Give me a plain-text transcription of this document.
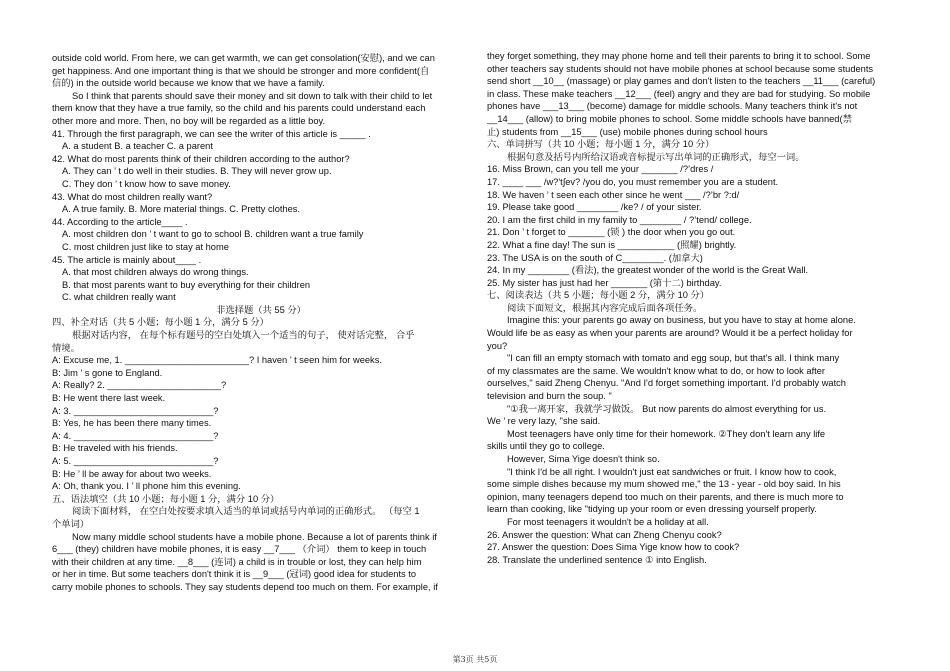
outside cold world. From here, we can get warmth, we can get consolation(安慰), and we can
get happiness. And one important thing is that we should be stronger and more confident(自
信的) in the outside world because we know that we have a family.
So I think that parents should save their money and sit down to talk with their child to let
them know that they have a true family, so the child and his parents could understand each
other more and more. Then, no boy will be regarded as a little boy.
41. Through the first paragraph, we can see the writer of this article is _____ .
A. a student B. a teacher C. a parent
42. What do most parents think of their children according to the author?
A. They can ’ t do well in their studies. B. They will never grow up.
C. They don ’ t know how to save money.
43. What do most children really want?
A. A true family. B. More material things. C. Pretty clothes.
44. According to the article____ .
A. most children don ’ t want to go to school B. children want a true family
C. most children just like to stay at home
45. The article is mainly about____ .
A. that most children always do wrong things.
B. that most parents want to buy everything for their children
C. what children really want
非选择题（共 55 分）
四、补全对话（共 5 小题；每小题 1 分，满分 5 分）
根据对话内容， 在每个标有题号的空白处填入一个适当的句子， 使对话完整， 合乎
情境。
A: Excuse me, 1. ________________________? I haven ’ t seen him for weeks.
B: Jim ’ s gone to England.
A: Really? 2. ______________________?
B: He went there last week.
A: 3. ___________________________?
B: Yes, he has been there many times.
A: 4. ___________________________?
B: He traveled with his friends.
A: 5. ___________________________?
B: He ’ ll be away for about two weeks.
A: Oh, thank you. I ’ ll phone him this evening.
五、语法填空（共 10 小题；每小题 1 分，满分 10 分）
阅读下面材料， 在空白处按要求填入适当的单词或括号内单词的正确形式。 （每空 1
个单词）
Now many middle school students have a mobile phone. Because a lot of parents think if
6___ (they) children have mobile phones, it is easy __7___ （介词） them to keep in touch
with their children at any time. __8___ (连词) a child is in trouble or lost, they can help him
or her in time. But some teachers don't think it is __9___ (冠词) good idea for students to
carry mobile phones to schools. They say students depend too much on them. For example, if
they forget something, they may phone home and tell their parents to bring it to school. Some
other teachers say students should not have mobile phones at school because some students
send short __10__ (massage) or play games and don't listen to the teachers __11___ (careful)
in class. These make teachers __12___ (feel) angry and they are bad for studying. So mobile
phones have ___13___ (become) damage for middle schools. Many teachers think it's not
__14___ (allow) to bring mobile phones to school. Some middle schools have banned(禁
止) students from __15___ (use) mobile phones during school hours
六、单词拼写（共 10 小题；每小题 1 分，满分 10 分）
根据句意及括号内所给汉语或音标提示写出单词的正确形式，每空一词。
16. Miss Brown, can you tell me your _______ /?’dres /
17. ____ ___ /w?'t∫ev? /you do, you must remember you are a student.
18. We haven ’ t seen each other since he went ___ /?’br ?:d/
19. Please take good ________ /ke? / of your sister.
20. I am the first child in my family to ________ / ?’tend/ college.
21. Don ’ t forget to _______ (锁 ) the door when you go out.
22. What a fine day! The sun is ___________ (照耀) brightly.
23. The USA is on the south of C________. (加拿大)
24. In my ________ (看法), the greatest wonder of the world is the Great Wall.
25. My sister has just had her _______ (第十二) birthday.
七、阅读表达（共 5 小题；每小题 2 分，满分 10 分）
阅读下面短文，根据其内容完成后面各项任务。
Imagine this: your parents go away on business, but you have to stay at home alone.
Would life be as easy as when your parents are around? Would it be a perfect holiday for
you?
"I can fill an empty stomach with tomato and egg soup, but that's all. I think many
of my classmates are the same. We wouldn't know what to do, or how to look after
ourselves," said Zheng Chenyu. "And I'd forget something important. I'd probably watch
television and burn the soup. "
"①我一离开家，我就学习做饭。 But now parents do almost everything for us.
We ’ re very lazy, "she said.
Most teenagers have only time for their homework. ②They don't learn any life
skills until they go to college.
However, Sima Yige doesn't think so.
"I think I'd be all right. I wouldn't just eat sandwiches or fruit. I know how to cook,
some simple dishes because my mum showed me," the 13 - year - old boy said. In his
opinion, many teenagers depend too much on their parents, and there is much more to
learn than cooking, like "tidying up your room or even dressing yourself properly.
For most teenagers it wouldn't be a holiday at all.
26. Answer the question: What can Zheng Chenyu cook?
27. Answer the question: Does Sima Yige know how to cook?
28. Translate the underlined sentence ① into English.
第3页 共5页
